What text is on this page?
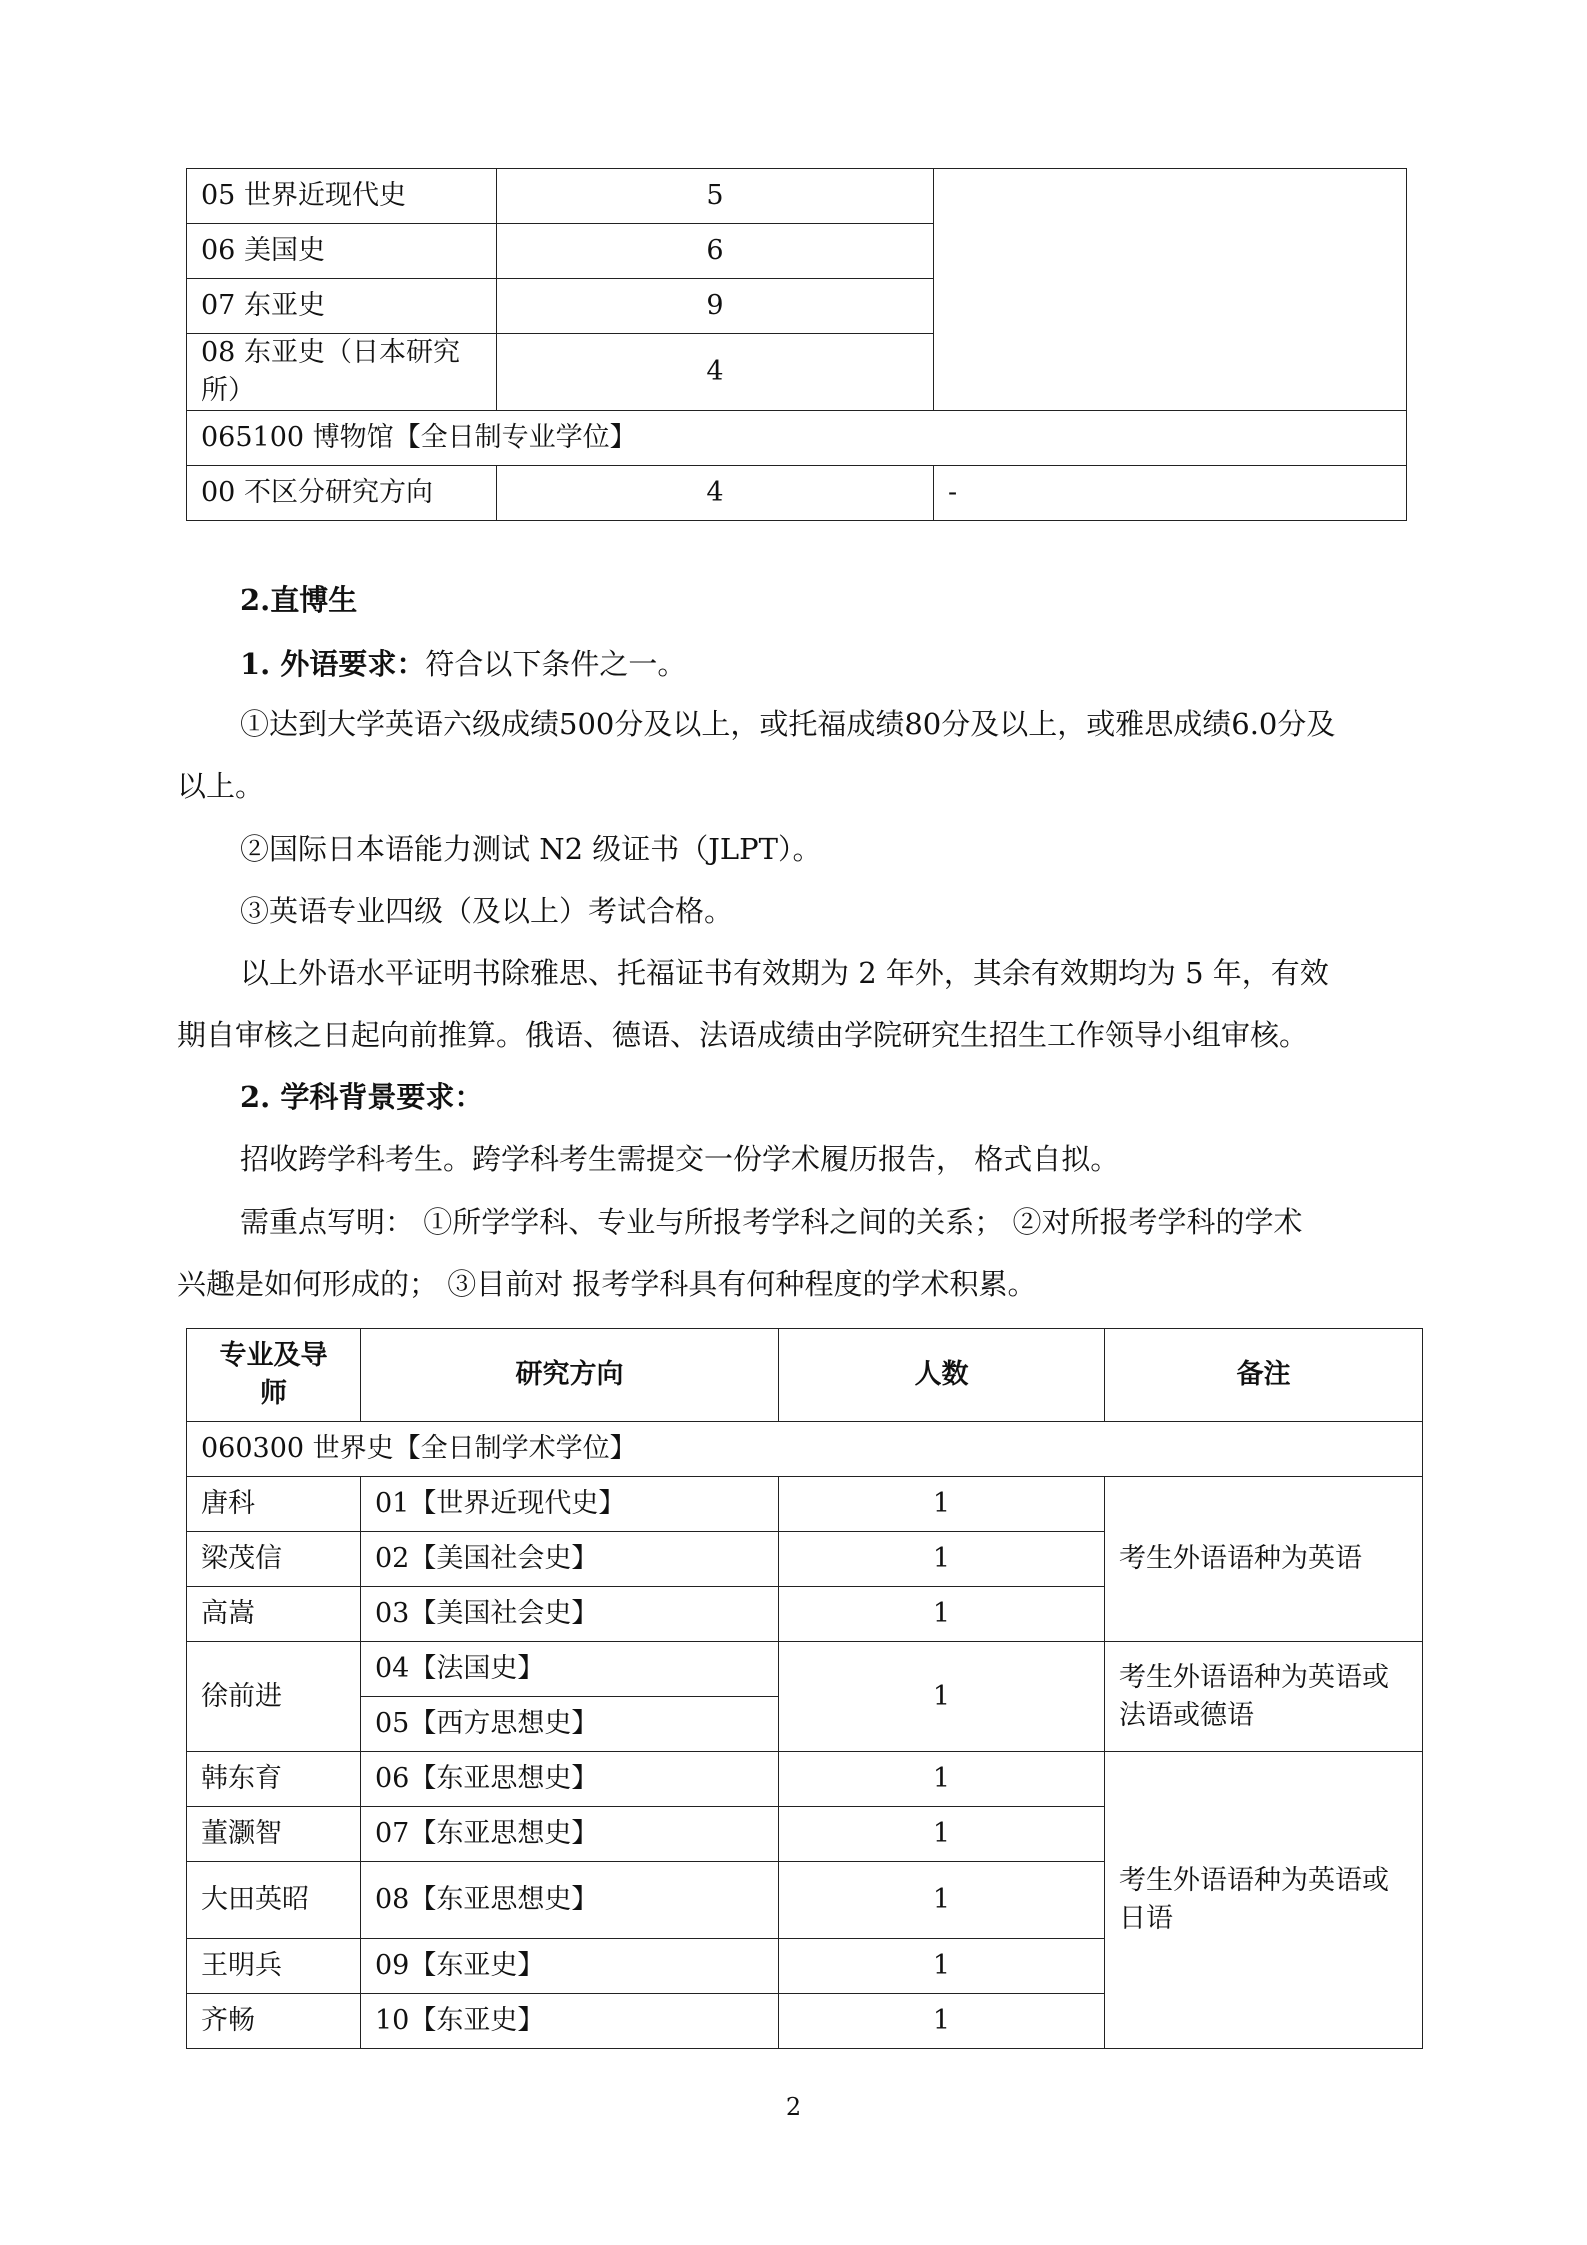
05 世界近现代史	5	
06 美国史	6	
07 东亚史	9	
08 东亚史（日本研究所）	4	
065100 博物馆【全日制专业学位】		
00 不区分研究方向	4	-
2.直博生
1. 外语要求：符合以下条件之一。
①达到大学英语六级成绩500分及以上，或托福成绩80分及以上，或雅思成绩6.0分及
以上。
②国际日本语能力测试 N2 级证书（JLPT）。
③英语专业四级（及以上）考试合格。
以上外语水平证明书除雅思、托福证书有效期为 2 年外，其余有效期均为 5 年，有效
期自审核之日起向前推算。俄语、德语、法语成绩由学院研究生招生工作领导小组审核。
2. 学科背景要求：
招收跨学科考生。跨学科考生需提交一份学术履历报告， 格式自拟。
需重点写明： ①所学学科、专业与所报考学科之间的关系； ②对所报考学科的学术
兴趣是如何形成的； ③目前对 报考学科具有何种程度的学术积累。
专业及导师	研究方向	人数	备注
060300 世界史【全日制学术学位】			
唐科	01【世界近现代史】	1	考生外语语种为英语
梁茂信	02【美国社会史】	1	
高嵩	03【美国社会史】	1	
徐前进	04【法国史】	1	考生外语语种为英语或法语或德语
	05【西方思想史】		
韩东育	06【东亚思想史】	1	考生外语语种为英语或日语
董灏智	07【东亚思想史】	1	
大田英昭	08【东亚思想史】	1	
王明兵	09【东亚史】	1	
齐畅	10【东亚史】	1	
2
